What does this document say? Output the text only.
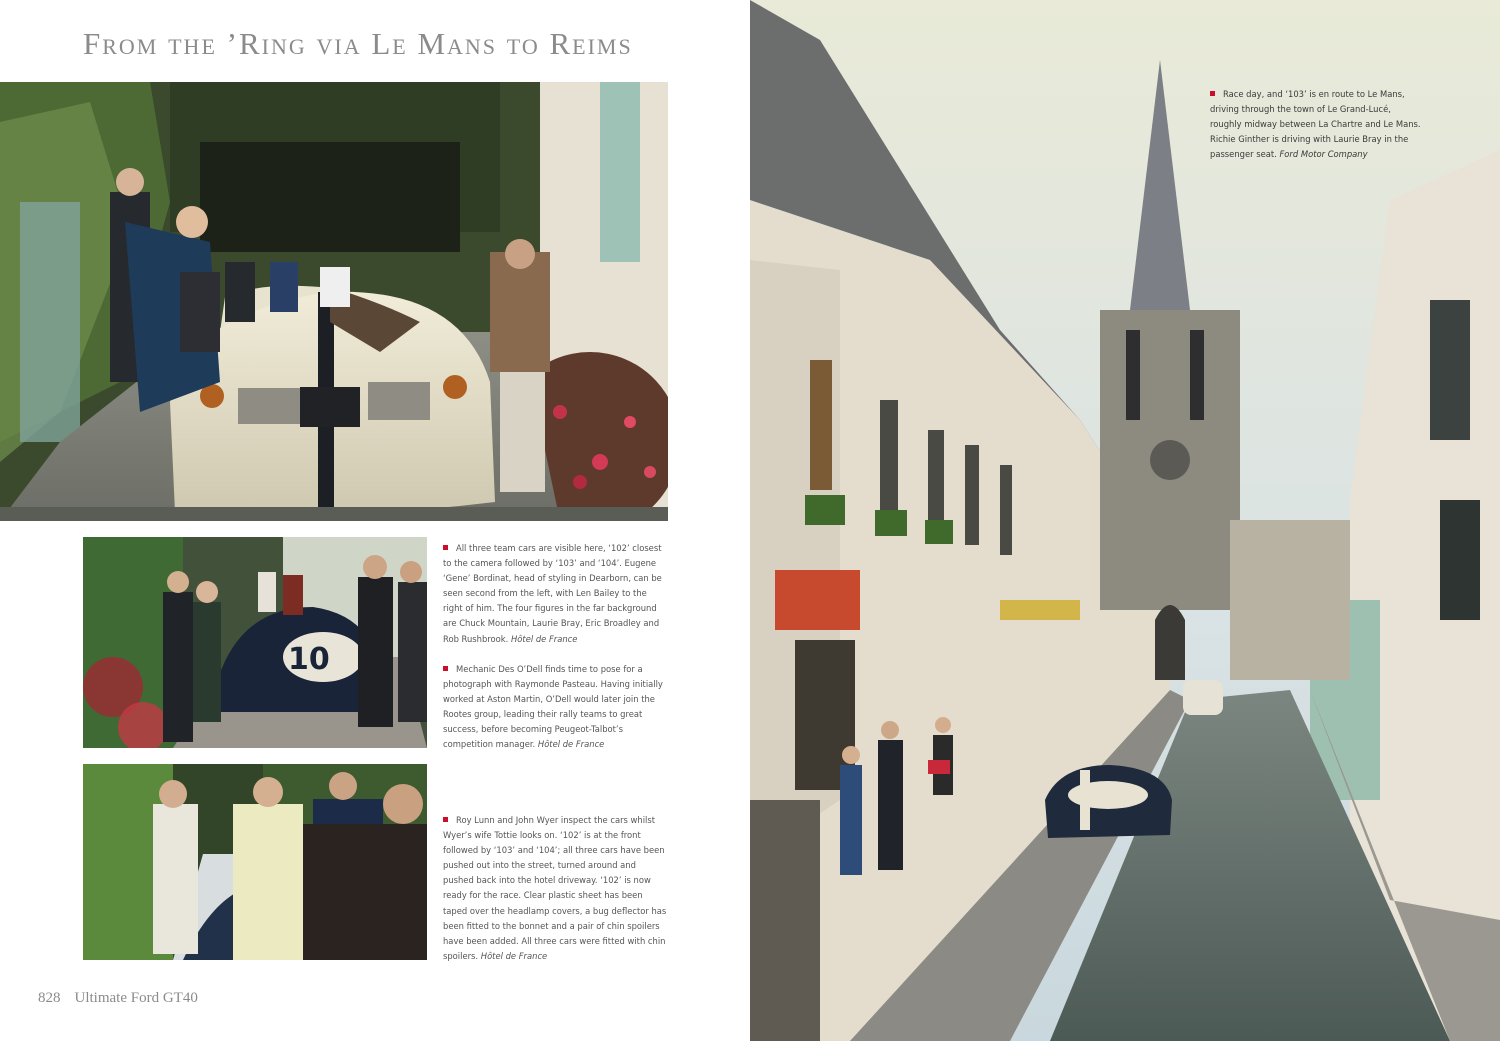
From the ’Ring via Le Mans to Reims
10
All three team cars are visible here, ‘102’ closest to the camera followed by ‘103’ and ‘104’. Eugene ‘Gene’ Bordinat, head of styling in Dearborn, can be seen second from the left, with Len Bailey to the right of him. The four figures in the far background are Chuck Mountain, Laurie Bray, Eric Broadley and Rob Rushbrook. Hôtel de France
Mechanic Des O’Dell finds time to pose for a photograph with Raymonde Pasteau. Having initially worked at Aston Martin, O’Dell would later join the Rootes group, leading their rally teams to great success, before becoming Peugeot-Talbot’s competition manager. Hôtel de France
Roy Lunn and John Wyer inspect the cars whilst Wyer’s wife Tottie looks on. ‘102’ is at the front followed by ‘103’ and ‘104’; all three cars have been pushed out into the street, turned around and pushed back into the hotel driveway. ‘102’ is now ready for the race. Clear plastic sheet has been taped over the headlamp covers, a bug deflector has been fitted to the bonnet and a pair of chin spoilers have been added. All three cars were fitted with chin spoilers. Hôtel de France
828 Ultimate Ford GT40
Race day, and ‘103’ is en route to Le Mans, driving through the town of Le Grand-Lucé, roughly midway between La Chartre and Le Mans. Richie Ginther is driving with Laurie Bray in the passenger seat. Ford Motor Company
